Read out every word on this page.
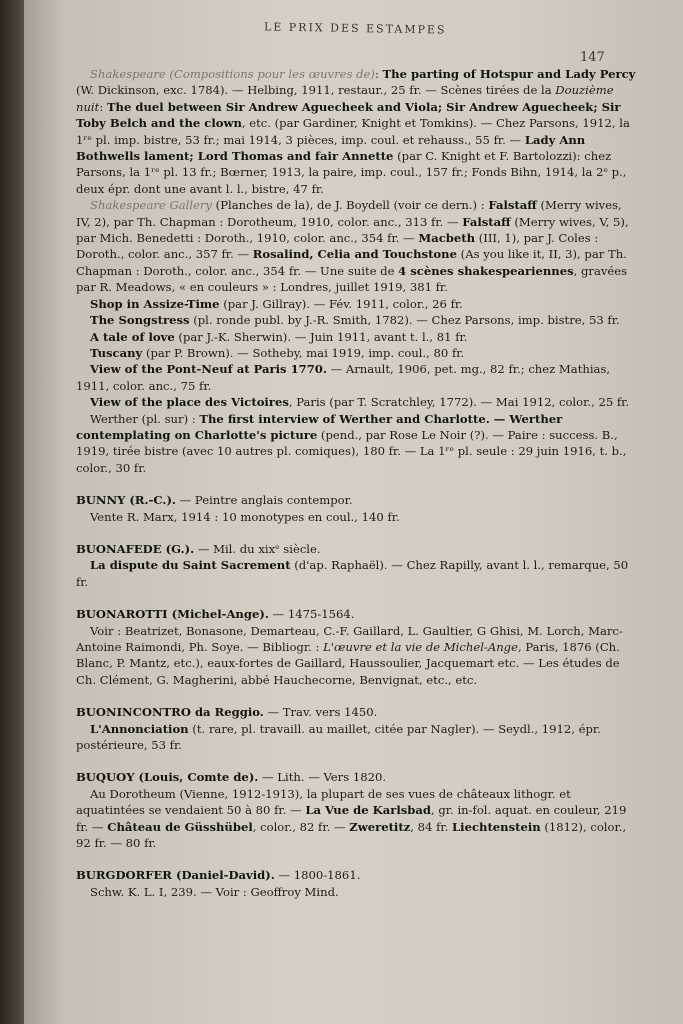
LE PRIX DES ESTAMPES
147

Shakespeare (Compositions pour les œuvres de): The parting of Hotspur and Lady Percy (W. Dickinson, exc. 1784). — Helbing, 1911, restaur., 25 fr. — Scènes tirées de la Douzième nuit: The duel between Sir Andrew Aguecheek and Viola; Sir Andrew Aguecheek; Sir Toby Belch and the clown, etc. (par Gardiner, Knight et Tomkins). — Chez Parsons, 1912, la 1ʳᵉ pl. imp. bistre, 53 fr.; mai 1914, 3 pièces, imp. coul. et rehauss., 55 fr. — Lady Ann Bothwells lament; Lord Thomas and fair Annette (par C. Knight et F. Bartolozzi): chez Parsons, la 1ʳᵉ pl. 13 fr.; Bœrner, 1913, la paire, imp. coul., 157 fr.; Fonds Bihn, 1914, la 2ᵉ p., deux épr. dont une avant l. l., bistre, 47 fr.

Shakespeare Gallery (Planches de la), de J. Boydell (voir ce dern.) : Falstaff (Merry wives, IV, 2), par Th. Chapman : Dorotheum, 1910, color. anc., 313 fr. — Falstaff (Merry wives, V, 5), par Mich. Benedetti : Doroth., 1910, color. anc., 354 fr. — Macbeth (III, 1), par J. Coles : Doroth., color. anc., 357 fr. — Rosalind, Celia and Touchstone (As you like it, II, 3), par Th. Chapman : Doroth., color. anc., 354 fr. — Une suite de 4 scènes shakespeariennes, gravées par R. Meadows, « en couleurs » : Londres, juillet 1919, 381 fr.

Shop in Assize-Time (par J. Gillray). — Fév. 1911, color., 26 fr.

The Songstress (pl. ronde publ. by J.-R. Smith, 1782). — Chez Parsons, imp. bistre, 53 fr.

A tale of love (par J.-K. Sherwin). — Juin 1911, avant t. l., 81 fr.

Tuscany (par P. Brown). — Sotheby, mai 1919, imp. coul., 80 fr.

View of the Pont-Neuf at Paris 1770. — Arnault, 1906, pet. mg., 82 fr.; chez Mathias, 1911, color. anc., 75 fr.

View of the place des Victoires, Paris (par T. Scratchley, 1772). — Mai 1912, color., 25 fr.

Werther (pl. sur) : The first interview of Werther and Charlotte. — Werther contemplating on Charlotte's picture (pend., par Rose Le Noir (?). — Paire : success. B., 1919, tirée bistre (avec 10 autres pl. comiques), 180 fr. — La 1ʳᵉ pl. seule : 29 juin 1916, t. b., color., 30 fr.

BUNNY (R.-C.). — Peintre anglais contempor.

Vente R. Marx, 1914 : 10 monotypes en coul., 140 fr.

BUONAFEDE (G.). — Mil. du xixᵉ siècle.

La dispute du Saint Sacrement (d'ap. Raphaël). — Chez Rapilly, avant l. l., remarque, 50 fr.

BUONAROTTI (Michel-Ange). — 1475-1564.

Voir : Beatrizet, Bonasone, Demarteau, C.-F. Gaillard, L. Gaultier, G Ghisi, M. Lorch, Marc-Antoine Raimondi, Ph. Soye. — Bibliogr. : L'œuvre et la vie de Michel-Ange, Paris, 1876 (Ch. Blanc, P. Mantz, etc.), eaux-fortes de Gaillard, Haussoulier, Jacquemart etc. — Les études de Ch. Clément, G. Magherini, abbé Hauchecorne, Benvignat, etc., etc.

BUONINCONTRO da Reggio. — Trav. vers 1450.

L'Annonciation (t. rare, pl. travaill. au maillet, citée par Nagler). — Seydl., 1912, épr. postérieure, 53 fr.

BUQUOY (Louis, Comte de). — Lith. — Vers 1820.

Au Dorotheum (Vienne, 1912-1913), la plupart de ses vues de châteaux lithogr. et aquatintées se vendaient 50 à 80 fr. — La Vue de Karlsbad, gr. in-fol. aquat. en couleur, 219 fr. — Château de Güsshübel, color., 82 fr. — Zweretitz, 84 fr. Liechtenstein (1812), color., 92 fr. — 80 fr.

BURGDORFER (Daniel-David). — 1800-1861.

Schw. K. L. I, 239. — Voir : Geoffroy Mind.
